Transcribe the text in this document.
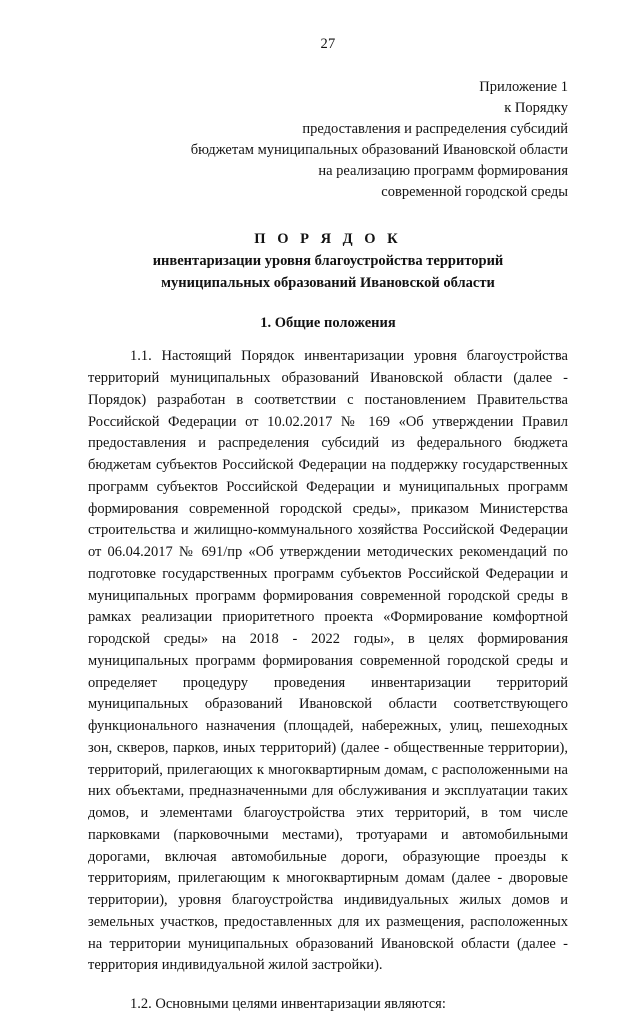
27
Приложение 1
к Порядку
предоставления и распределения субсидий
бюджетам муниципальных образований Ивановской области
на реализацию программ формирования
современной городской среды
П О Р Я Д О К
инвентаризации уровня благоустройства территорий
муниципальных образований Ивановской области
1. Общие положения

1.1. Настоящий Порядок инвентаризации уровня благоустройства территорий муниципальных образований Ивановской области (далее - Порядок) разработан в соответствии с постановлением Правительства Российской Федерации от 10.02.2017 № 169 «Об утверждении Правил предоставления и распределения субсидий из федерального бюджета бюджетам субъектов Российской Федерации на поддержку государственных программ субъектов Российской Федерации и муниципальных программ формирования современной городской среды», приказом Министерства строительства и жилищно-коммунального хозяйства Российской Федерации от 06.04.2017 № 691/пр «Об утверждении методических рекомендаций по подготовке государственных программ субъектов Российской Федерации и муниципальных программ формирования современной городской среды в рамках реализации приоритетного проекта «Формирование комфортной городской среды» на 2018 - 2022 годы», в целях формирования муниципальных программ формирования современной городской среды и определяет процедуру проведения инвентаризации территорий муниципальных образований Ивановской области соответствующего функционального назначения (площадей, набережных, улиц, пешеходных зон, скверов, парков, иных территорий) (далее - общественные территории), территорий, прилегающих к многоквартирным домам, с расположенными на них объектами, предназначенными для обслуживания и эксплуатации таких домов, и элементами благоустройства этих территорий, в том числе парковками (парковочными местами), тротуарами и автомобильными дорогами, включая автомобильные дороги, образующие проезды к территориям, прилегающим к многоквартирным домам (далее - дворовые территории), уровня благоустройства индивидуальных жилых домов и земельных участков, предоставленных для их размещения, расположенных на территории муниципальных образований Ивановской области (далее - территория индивидуальной жилой застройки).

1.2. Основными целями инвентаризации являются:
